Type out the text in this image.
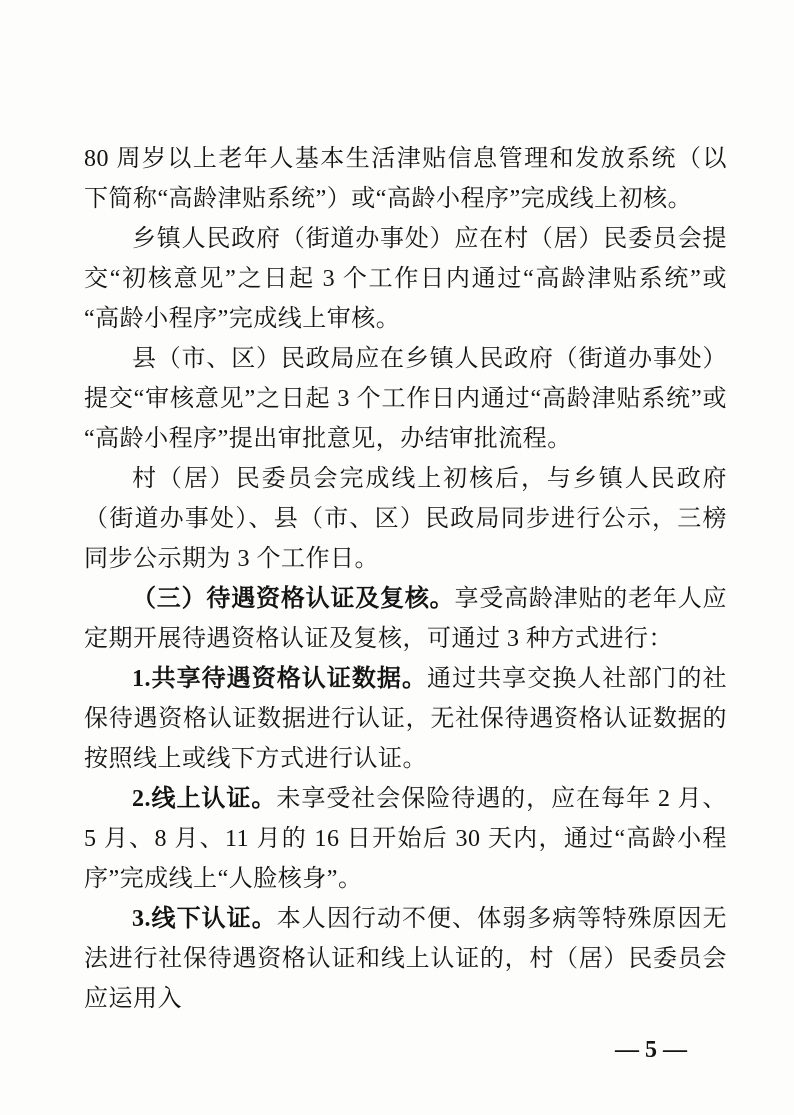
80 周岁以上老年人基本生活津贴信息管理和发放系统（以下简称“高龄津贴系统”）或“高龄小程序”完成线上初核。

乡镇人民政府（街道办事处）应在村（居）民委员会提交“初核意见”之日起 3 个工作日内通过“高龄津贴系统”或“高龄小程序”完成线上审核。

县（市、区）民政局应在乡镇人民政府（街道办事处）提交“审核意见”之日起 3 个工作日内通过“高龄津贴系统”或“高龄小程序”提出审批意见，办结审批流程。

村（居）民委员会完成线上初核后，与乡镇人民政府（街道办事处）、县（市、区）民政局同步进行公示，三榜同步公示期为 3 个工作日。

（三）待遇资格认证及复核。享受高龄津贴的老年人应定期开展待遇资格认证及复核，可通过 3 种方式进行：

1.共享待遇资格认证数据。通过共享交换人社部门的社保待遇资格认证数据进行认证，无社保待遇资格认证数据的按照线上或线下方式进行认证。

2.线上认证。未享受社会保险待遇的，应在每年 2 月、5 月、8 月、11 月的 16 日开始后 30 天内，通过“高龄小程序”完成线上“人脸核身”。

3.线下认证。本人因行动不便、体弱多病等特殊原因无法进行社保待遇资格认证和线上认证的，村（居）民委员会应运用入

— 5 —
